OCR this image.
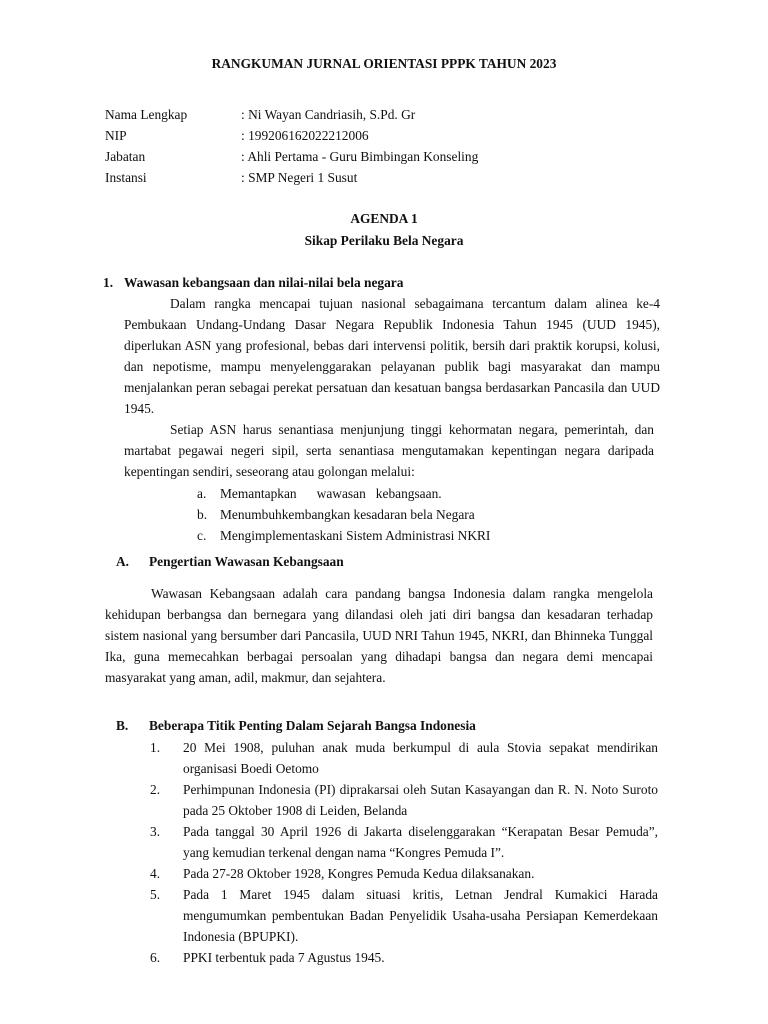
RANGKUMAN JURNAL ORIENTASI PPPK TAHUN 2023
Nama Lengkap	: Ni Wayan Candriasih, S.Pd. Gr
NIP	: 199206162022212006
Jabatan	: Ahli Pertama - Guru Bimbingan Konseling
Instansi	: SMP Negeri 1 Susut
AGENDA 1
Sikap Perilaku Bela Negara
1. Wawasan kebangsaan dan nilai-nilai bela negara
Dalam rangka mencapai tujuan nasional sebagaimana tercantum dalam alinea ke-4 Pembukaan Undang-Undang Dasar Negara Republik Indonesia Tahun 1945 (UUD 1945), diperlukan ASN yang profesional, bebas dari intervensi politik, bersih dari praktik korupsi, kolusi, dan nepotisme, mampu menyelenggarakan pelayanan publik bagi masyarakat dan mampu menjalankan peran sebagai perekat persatuan dan kesatuan bangsa berdasarkan Pancasila dan UUD 1945.
Setiap ASN harus senantiasa menjunjung tinggi kehormatan negara, pemerintah, dan martabat pegawai negeri sipil, serta senantiasa mengutamakan kepentingan negara daripada kepentingan sendiri, seseorang atau golongan melalui:
a. Memantapkan      wawasan   kebangsaan.
b. Menumbuhkembangkan kesadaran bela Negara
c. Mengimplementaskani Sistem Administrasi NKRI
A. Pengertian Wawasan Kebangsaan
Wawasan Kebangsaan adalah cara pandang bangsa Indonesia dalam rangka mengelola kehidupan berbangsa dan bernegara yang dilandasi oleh jati diri bangsa dan kesadaran terhadap sistem nasional yang bersumber dari Pancasila, UUD NRI Tahun 1945, NKRI, dan Bhinneka Tunggal Ika, guna memecahkan berbagai persoalan yang dihadapi bangsa dan negara demi mencapai masyarakat yang aman, adil, makmur, dan sejahtera.
B. Beberapa Titik Penting Dalam Sejarah Bangsa Indonesia
1. 20 Mei 1908, puluhan anak muda berkumpul di aula Stovia sepakat mendirikan organisasi Boedi Oetomo
2. Perhimpunan Indonesia (PI) diprakarsai oleh Sutan Kasayangan dan R. N. Noto Suroto pada 25 Oktober 1908 di Leiden, Belanda
3. Pada tanggal 30 April 1926 di Jakarta diselenggarakan “Kerapatan Besar Pemuda”, yang kemudian terkenal dengan nama “Kongres Pemuda I”.
4. Pada 27-28 Oktober 1928, Kongres Pemuda Kedua dilaksanakan.
5. Pada 1 Maret 1945 dalam situasi kritis, Letnan Jendral Kumakici Harada mengumumkan pembentukan Badan Penyelidik Usaha-usaha Persiapan Kemerdekaan Indonesia (BPUPKI).
6. PPKI terbentuk pada 7 Agustus 1945.
